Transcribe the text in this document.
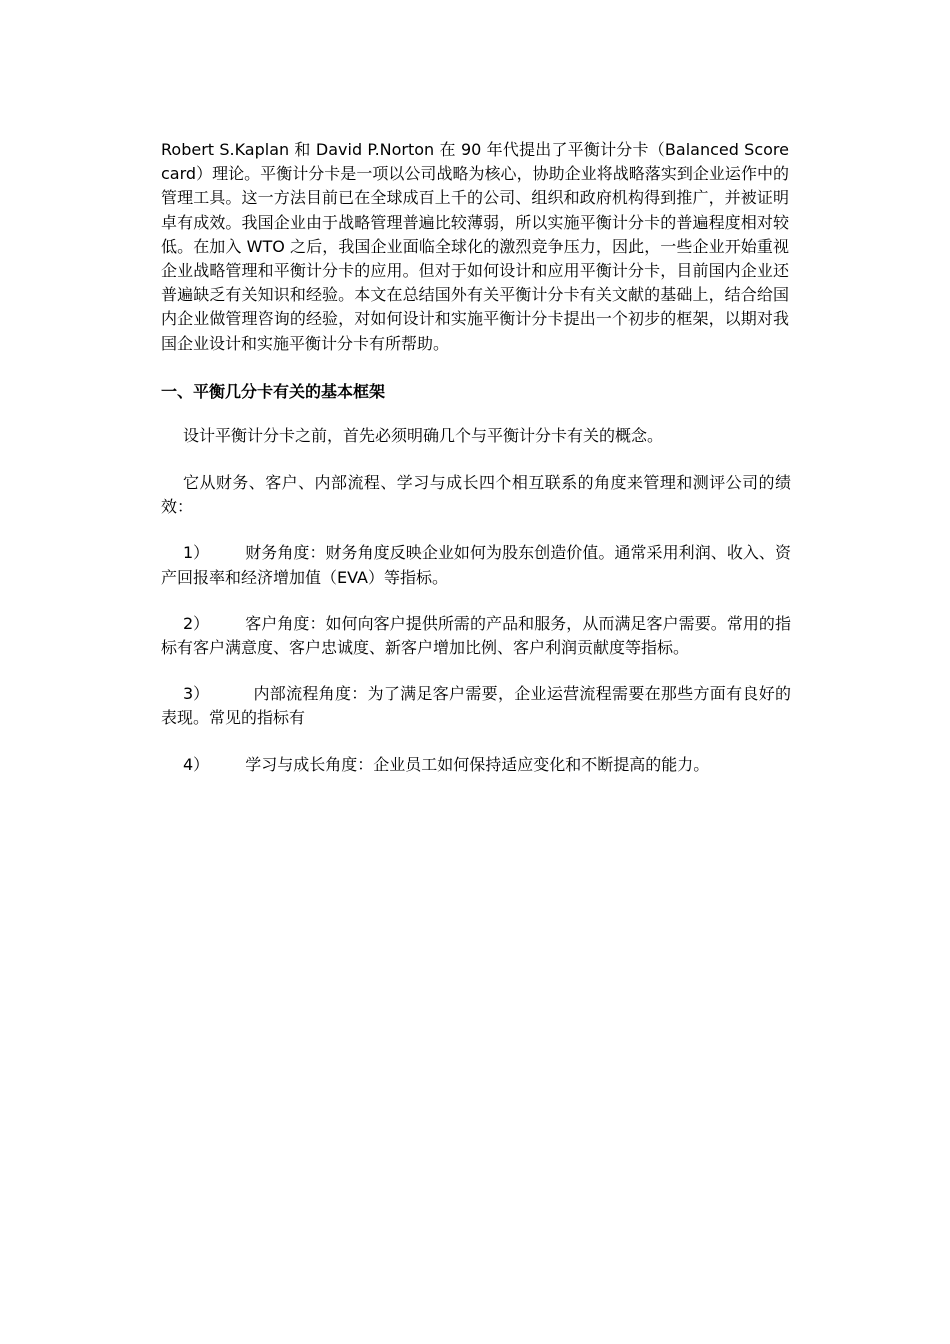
Robert S.Kaplan 和 David P.Norton 在 90 年代提出了平衡计分卡（Balanced Scorecard）理论。平衡计分卡是一项以公司战略为核心，协助企业将战略落实到企业运作中的管理工具。这一方法目前已在全球成百上千的公司、组织和政府机构得到推广，并被证明卓有成效。我国企业由于战略管理普遍比较薄弱，所以实施平衡计分卡的普遍程度相对较低。在加入 WTO 之后，我国企业面临全球化的激烈竞争压力，因此，一些企业开始重视企业战略管理和平衡计分卡的应用。但对于如何设计和应用平衡计分卡，目前国内企业还普遍缺乏有关知识和经验。本文在总结国外有关平衡计分卡有关文献的基础上，结合给国内企业做管理咨询的经验，对如何设计和实施平衡计分卡提出一个初步的框架，以期对我国企业设计和实施平衡计分卡有所帮助。

一、平衡几分卡有关的基本框架

设计平衡计分卡之前，首先必须明确几个与平衡计分卡有关的概念。

它从财务、客户、内部流程、学习与成长四个相互联系的角度来管理和测评公司的绩效：

1） 财务角度：财务角度反映企业如何为股东创造价值。通常采用利润、收入、资产回报率和经济增加值（EVA）等指标。

2） 客户角度：如何向客户提供所需的产品和服务，从而满足客户需要。常用的指标有客户满意度、客户忠诚度、新客户增加比例、客户利润贡献度等指标。

3）	内部流程角度：为了满足客户需要，企业运营流程需要在那些方面有良好的表现。常见的指标有

4） 学习与成长角度：企业员工如何保持适应变化和不断提高的能力。
